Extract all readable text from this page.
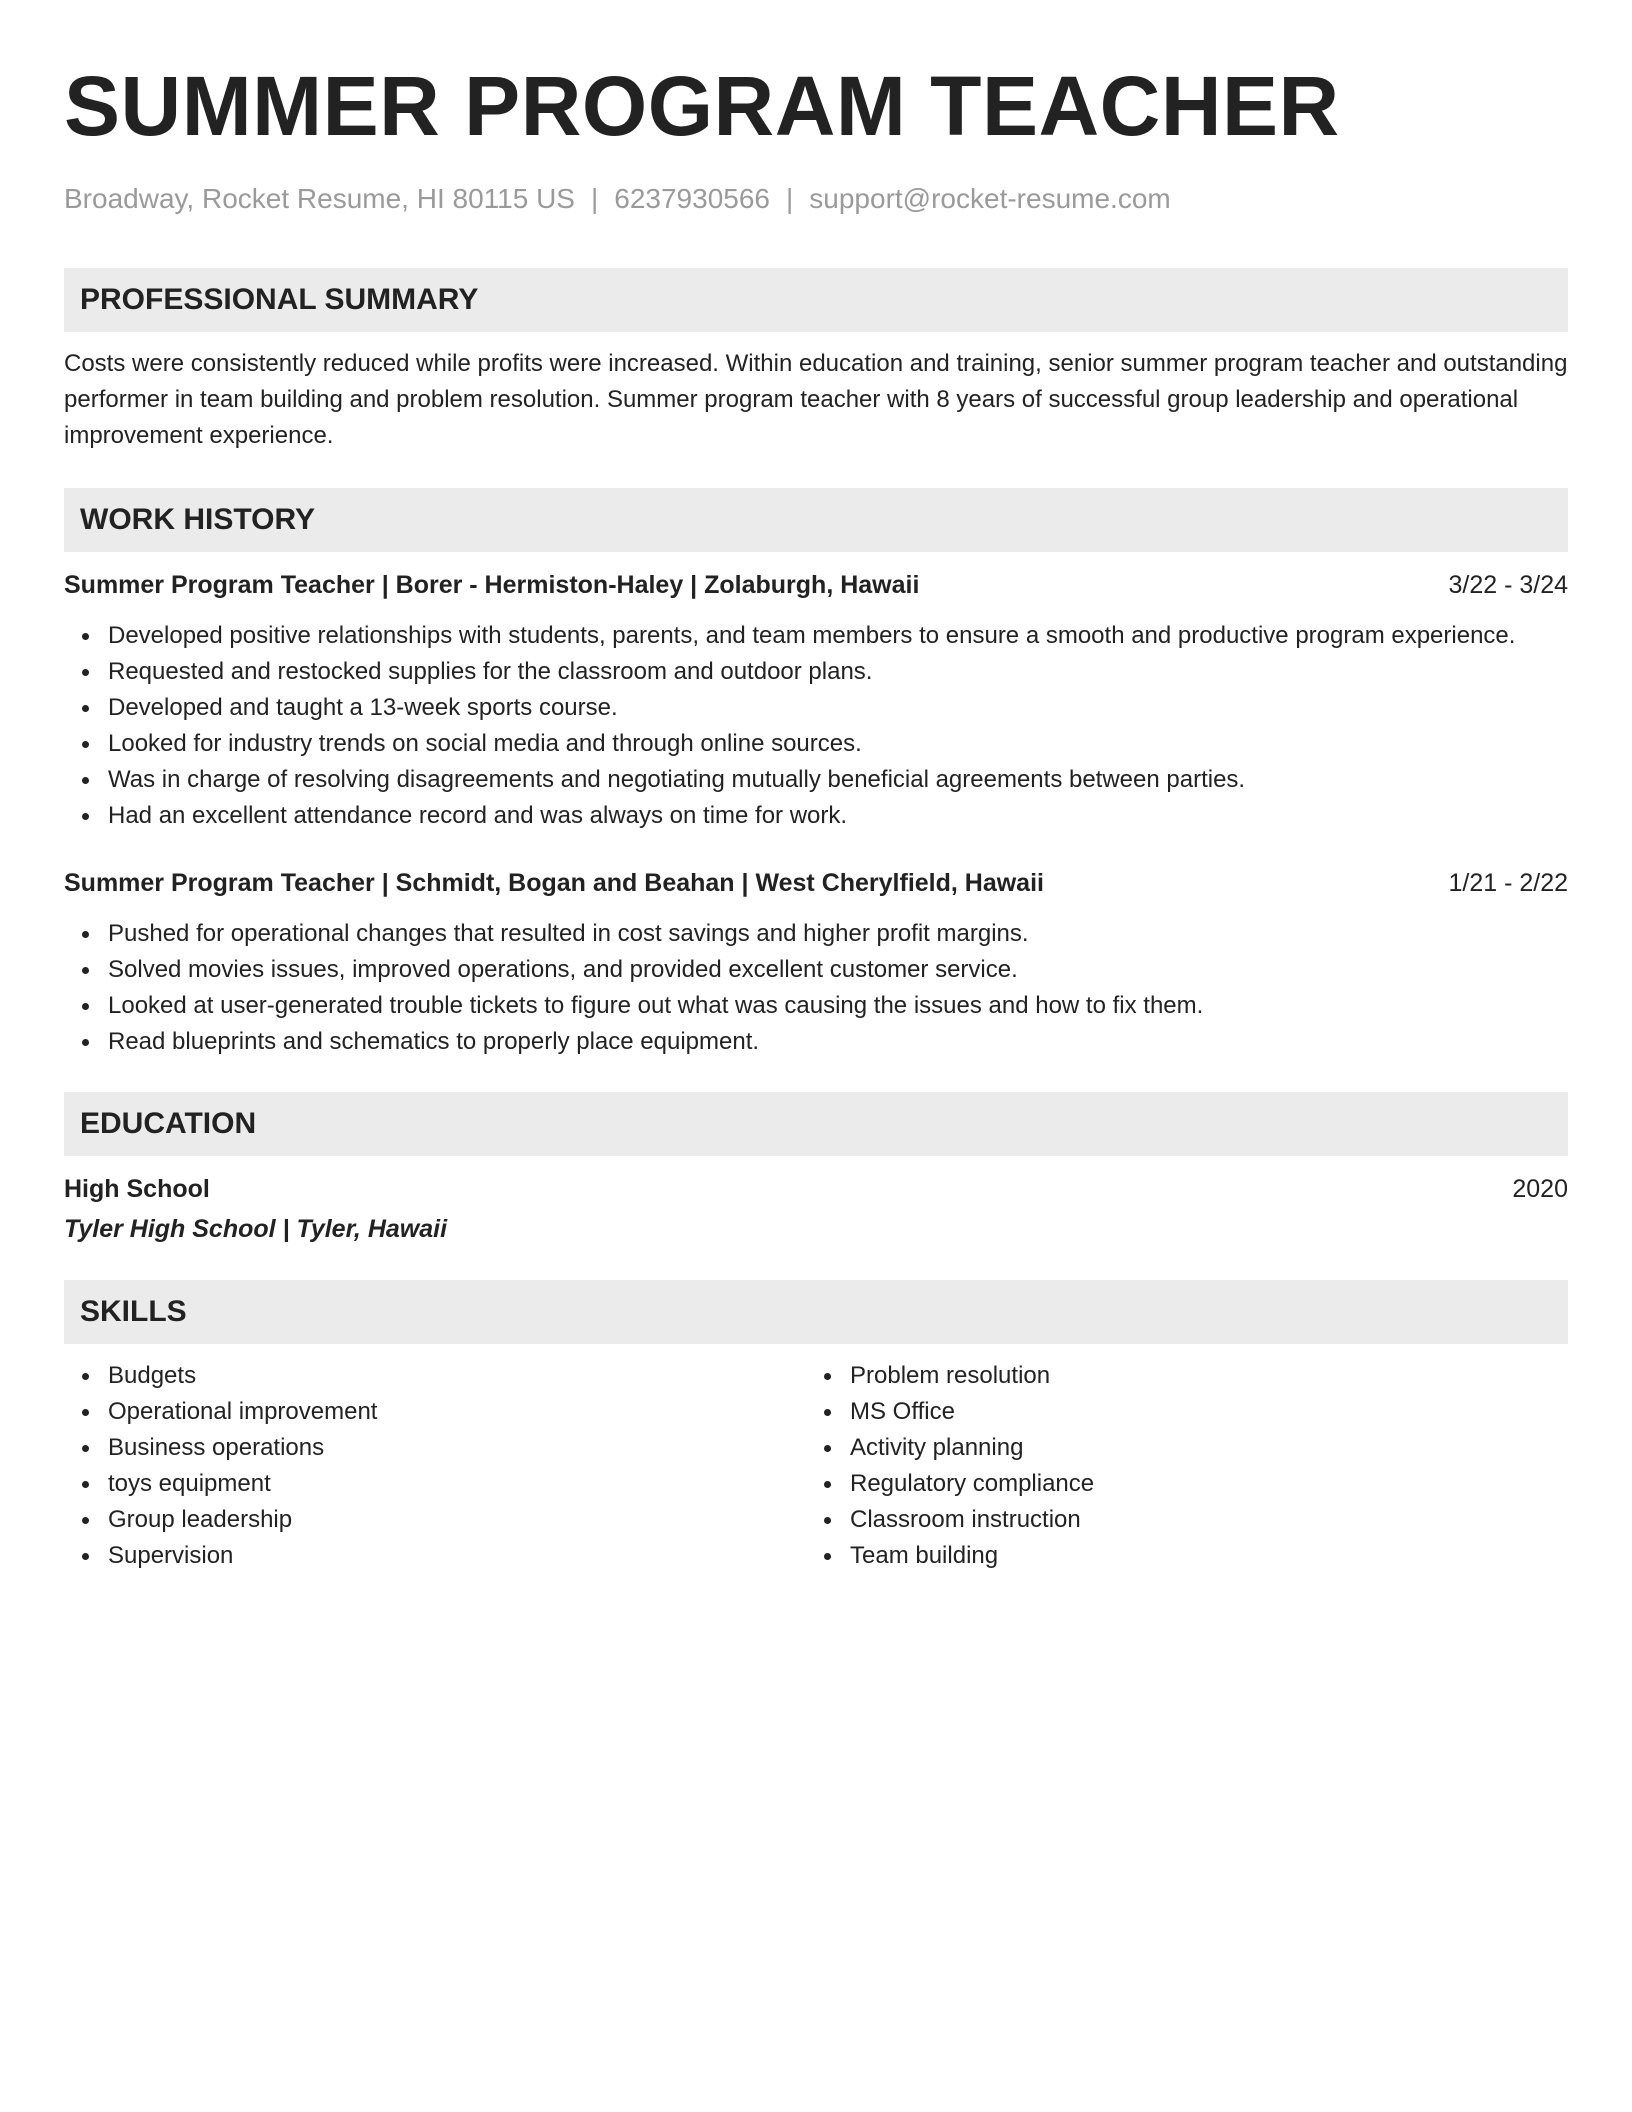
SUMMER PROGRAM TEACHER
Broadway, Rocket Resume, HI 80115 US | 6237930566 | support@rocket-resume.com
PROFESSIONAL SUMMARY
Costs were consistently reduced while profits were increased. Within education and training, senior summer program teacher and outstanding performer in team building and problem resolution. Summer program teacher with 8 years of successful group leadership and operational improvement experience.
WORK HISTORY
Summer Program Teacher | Borer - Hermiston-Haley | Zolaburgh, Hawaii	3/22 - 3/24
Developed positive relationships with students, parents, and team members to ensure a smooth and productive program experience.
Requested and restocked supplies for the classroom and outdoor plans.
Developed and taught a 13-week sports course.
Looked for industry trends on social media and through online sources.
Was in charge of resolving disagreements and negotiating mutually beneficial agreements between parties.
Had an excellent attendance record and was always on time for work.
Summer Program Teacher | Schmidt, Bogan and Beahan | West Cherylfield, Hawaii	1/21 - 2/22
Pushed for operational changes that resulted in cost savings and higher profit margins.
Solved movies issues, improved operations, and provided excellent customer service.
Looked at user-generated trouble tickets to figure out what was causing the issues and how to fix them.
Read blueprints and schematics to properly place equipment.
EDUCATION
High School	2020
Tyler High School | Tyler, Hawaii
SKILLS
Budgets
Operational improvement
Business operations
toys equipment
Group leadership
Supervision
Problem resolution
MS Office
Activity planning
Regulatory compliance
Classroom instruction
Team building
